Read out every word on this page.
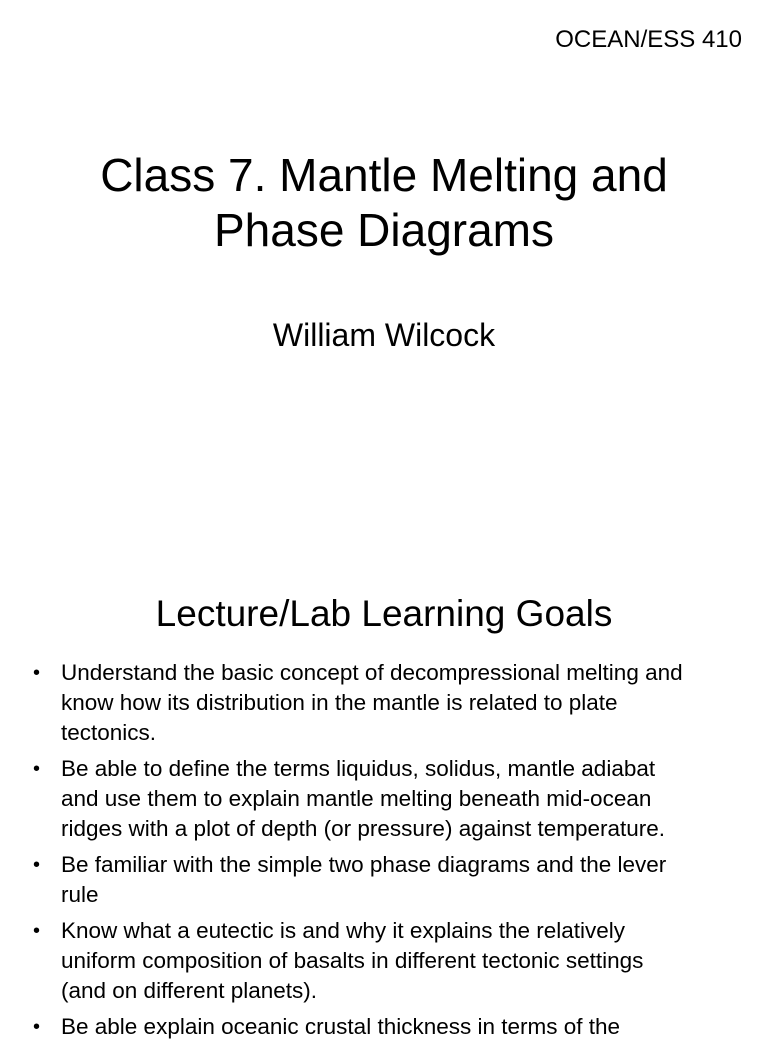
OCEAN/ESS 410
Class 7. Mantle Melting and
Phase Diagrams
William Wilcock
Lecture/Lab Learning Goals
• Understand the basic concept of decompressional melting and
know how its distribution in the mantle is related to plate
tectonics.
• Be able to define the terms liquidus, solidus, mantle adiabat
and use them to explain mantle melting beneath mid-ocean
ridges with a plot of depth (or pressure) against temperature.
• Be familiar with the simple two phase diagrams and the lever
rule
• Know what a eutectic is and why it explains the relatively
uniform composition of basalts in different tectonic settings
(and on different planets).
• Be able explain oceanic crustal thickness in terms of the
